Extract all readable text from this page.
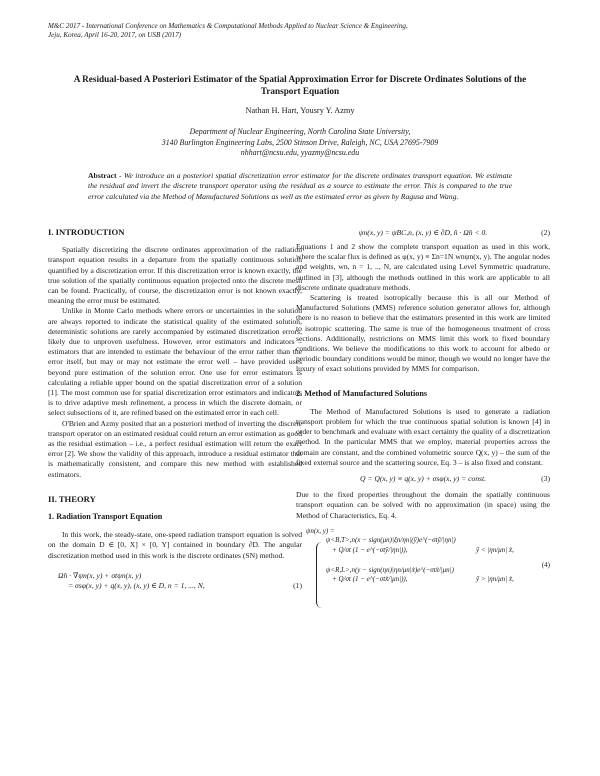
M&C 2017 - International Conference on Mathematics & Computational Methods Applied to Nuclear Science & Engineering,
Jeju, Korea, April 16-20, 2017, on USB (2017)
A Residual-based A Posteriori Estimator of the Spatial Approximation Error for Discrete Ordinates Solutions of the
Transport Equation
Nathan H. Hart, Yousry Y. Azmy
Department of Nuclear Engineering, North Carolina State University,
3140 Burlington Engineering Labs, 2500 Stinson Drive, Raleigh, NC, USA 27695-7909
nhhart@ncsu.edu, yyazmy@ncsu.edu
Abstract - We introduce an a posteriori spatial discretization error estimator for the discrete ordinates transport equation. We estimate the residual and invert the discrete transport operator using the residual as a source to estimate the error. This is compared to the true error calculated via the Method of Manufactured Solutions as well as the estimated error as given by Ragusa and Wang.
I. INTRODUCTION

Spatially discretizing the discrete ordinates approximation of the radiation transport equation results in a departure from the spatially continuous solution quantified by a discretization error. If this discretization error is known exactly, the true solution of the spatially continuous equation projected onto the discrete mesh can be found. Practically, of course, the discretization error is not known exactly, meaning the error must be estimated.

Unlike in Monte Carlo methods where errors or uncertainties in the solution are always reported to indicate the statistical quality of the estimated solution, deterministic solutions are rarely accompanied by estimated discretization errors, likely due to unproven usefulness. However, error estimators and indicators – estimators that are intended to estimate the behaviour of the error rather than the error itself, but may or may not estimate the error well – have provided uses beyond pure estimation of the solution error. One use for error estimators is calculating a reliable upper bound on the spatial discretization error of a solution [1]. The most common use for spatial discretization error estimators and indicators is to drive adaptive mesh refinement, a process in which the discrete domain, or select subsections of it, are refined based on the estimated error in each cell.

O'Brien and Azmy posited that an a posteriori method of inverting the discrete transport operator on an estimated residual could return an error estimation as good as the residual estimation – i.e., a perfect residual estimation will return the exact error [2]. We show the validity of this approach, introduce a residual estimator that is mathematically consistent, and compare this new method with established estimators.

II. THEORY
1. Radiation Transport Equation

In this work, the steady-state, one-speed radiation transport equation is solved on the domain D ∈ [0, X] × [0, Y] contained in boundary ∂D. The angular discretization method used in this work is the discrete ordinates (SN) method.

Ω̂n · ∇ψn(x, y) + σtψn(x, y)
= σsφ(x, y) + q(x, y), (x, y) ∈ D, n = 1, ..., N,	(1)
ψn(x, y) = ψBC,n, (x, y) ∈ ∂D, n̂ · Ω̂n < 0.	(2)

Equations 1 and 2 show the complete transport equation as used in this work, where the scalar flux is defined as φ(x, y) ≡ Σn=1N wnψn(x, y). The angular nodes and weights, wn, n = 1, .., N, are calculated using Level Symmetric quadrature, outlined in [3], although the methods outlined in this work are applicable to all discrete ordinate quadrature methods.

Scattering is treated isotropically because this is all our Method of Manufactured Solutions (MMS) reference solution generator allows for, although there is no reason to believe that the estimators presented in this work are limited to isotropic scattering. The same is true of the homogeneous treatment of cross sections. Additionally, restrictions on MMS limit this work to fixed boundary conditions. We believe the modifications to this work to account for albedo or periodic boundary conditions would be minor, though we would no longer have the luxury of exact solutions provided by MMS for comparison.

2. Method of Manufactured Solutions

The Method of Manufactured Solutions is used to generate a radiation transport problem for which the true continuous spatial solution is known [4] in order to benchmark and evaluate with exact certainty the quality of a discretization method. In the particular MMS that we employ, material properties across the domain are constant, and the combined volumetric source Q(x, y) – the sum of the fixed external source and the scattering source, Eq. 3 – is also fixed and constant.

Q = Q(x, y) ≡ q(x, y) + σsφ(x, y) = const.	(3)

Due to the fixed properties throughout the domain the spatially continuous transport equation can be solved with no approximation (in space) using the Method of Characteristics, Eq. 4.

ψn(x, y) =
ψ<B,T>,n(x − sign(μn)|ξn/ηn|(ỹ)e^(−σtỹ/|ηn|)
+ Q/σt (1 − e^(−σtỹ/|ηn|)),	ỹ < |ηn/μn| x̃,
ψ<R,L>,n(y − sign(ηn)|ηn/μn|x̃)e^(−σtx̃/|μn|)
+ Q/σt (1 − e^(−σtx̃/|μn|)),	ỹ > |ηn/μn| x̃,
(4)
